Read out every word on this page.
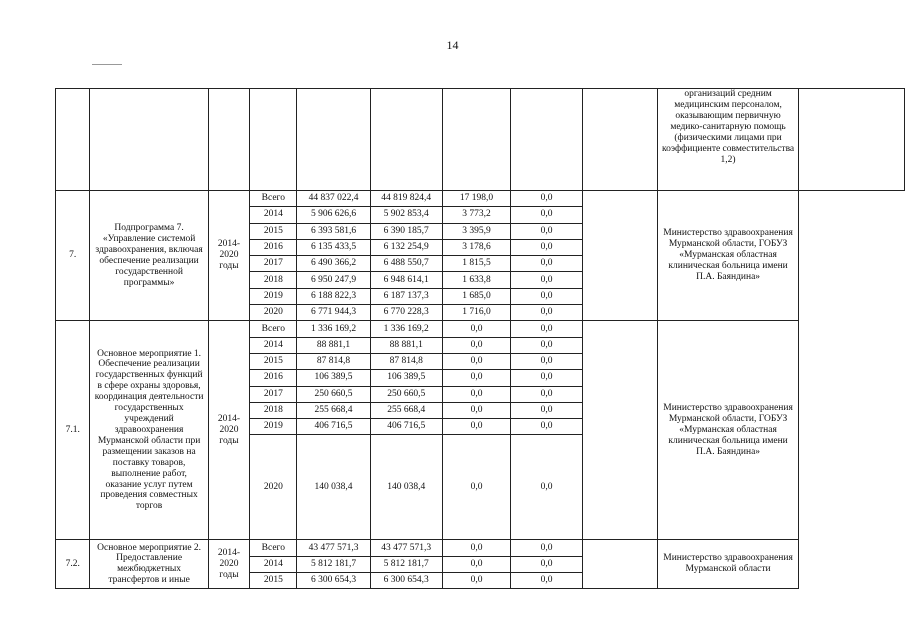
14
									организаций средним медицинским персоналом, оказывающим первичную медико-санитарную помощь (физическими лицами при коэффициенте совместительства 1,2)	
7.	Подпрограмма 7. «Управление системой здравоохранения, включая обеспечение реализации государственной программы»	2014-2020 годы	Всего	44 837 022,4	44 819 824,4	17 198,0	0,0		Министерство здравоохранения Мурманской области, ГОБУЗ «Мурманская областная клиническая больница имени П.А. Баяндина»	
			2014	5 906 626,6	5 902 853,4	3 773,2	0,0			
			2015	6 393 581,6	6 390 185,7	3 395,9	0,0			
			2016	6 135 433,5	6 132 254,9	3 178,6	0,0			
			2017	6 490 366,2	6 488 550,7	1 815,5	0,0			
			2018	6 950 247,9	6 948 614,1	1 633,8	0,0			
			2019	6 188 822,3	6 187 137,3	1 685,0	0,0			
			2020	6 771 944,3	6 770 228,3	1 716,0	0,0			
7.1.	Основное мероприятие 1. Обеспечение реализации государственных функций в сфере охраны здоровья, координация деятельности государственных учреждений здравоохранения Мурманской области при размещении заказов на поставку товаров, выполнение работ, оказание услуг путем проведения совместных торгов	2014-2020 годы	Всего	1 336 169,2	1 336 169,2	0,0	0,0		Министерство здравоохранения Мурманской области, ГОБУЗ «Мурманская областная клиническая больница имени П.А. Баяндина»	
			2014	88 881,1	88 881,1	0,0	0,0			
			2015	87 814,8	87 814,8	0,0	0,0			
			2016	106 389,5	106 389,5	0,0	0,0			
			2017	250 660,5	250 660,5	0,0	0,0			
			2018	255 668,4	255 668,4	0,0	0,0			
			2019	406 716,5	406 716,5	0,0	0,0			
			2020	140 038,4	140 038,4	0,0	0,0			
7.2.	Основное мероприятие 2. Предоставление межбюджетных трансфертов и иные	2014-2020 годы	Всего	43 477 571,3	43 477 571,3	0,0	0,0		Министерство здравоохранения Мурманской области	
			2014	5 812 181,7	5 812 181,7	0,0	0,0			
			2015	6 300 654,3	6 300 654,3	0,0	0,0			
